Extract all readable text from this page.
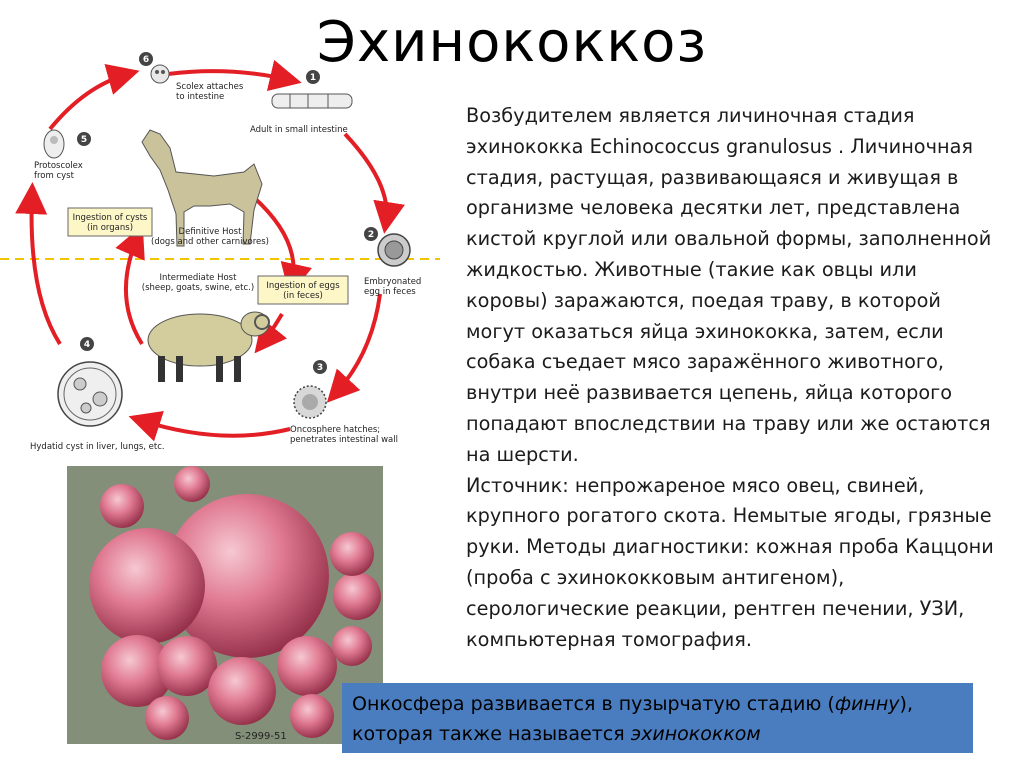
Эхинококкоз
6
1
2
3
4
5
Scolex attaches to intestine
Adult in small intestine
Embryonated egg in feces
Oncosphere hatches; penetrates intestinal wall
Hydatid cyst in liver, lungs, etc.
Protoscolex from cyst
Definitive Host (dogs and other carnivores)
Intermediate Host (sheep, goats, swine, etc.)
Ingestion of cysts (in organs)
Ingestion of eggs (in feces)

Возбудителем является личиночная стадия эхинококка Echinococcus granulosus . Личиночная стадия, растущая, развивающаяся и живущая в организме человека десятки лет, представлена кистой круглой или овальной формы, заполненной жидкостью. Животные (такие как овцы или коровы) заражаются, поедая траву, в которой могут оказаться яйца эхинококка, затем, если собака съедает мясо заражённого животного, внутри неё развивается цепень, яйца которого попадают впоследствии на траву или же остаются на шерсти.

Источник: непрожареное мясо овец, свиней, крупного рогатого скота. Немытые ягоды, грязные руки. Методы диагностики: кожная проба Каццони (проба с эхинококковым антигеном), серологические реакции, рентген печении, УЗИ, компьютерная томография.

S-2999-51
Онкосфера развивается в пузырчатую стадию (финну), которая также называется эхинококком
